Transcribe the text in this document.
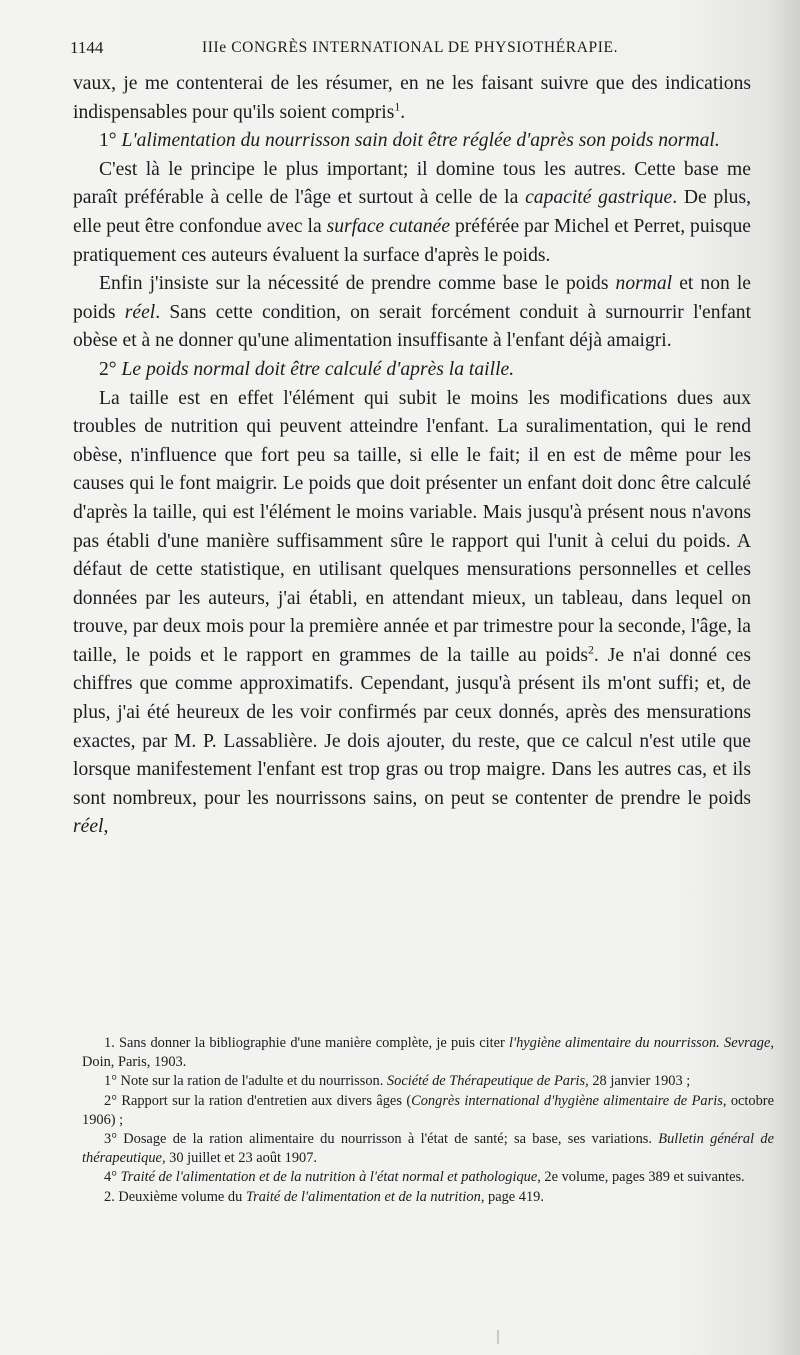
1144	IIIe CONGRÈS INTERNATIONAL DE PHYSIOTHÉRAPIE.

vaux, je me contenterai de les résumer, en ne les faisant suivre que des indications indispensables pour qu'ils soient compris$^1$.

1° L'alimentation du nourrisson sain doit être réglée d'après son poids normal.

C'est là le principe le plus important; il domine tous les autres. Cette base me paraît préférable à celle de l'âge et surtout à celle de la capacité gastrique. De plus, elle peut être confondue avec la surface cutanée préférée par Michel et Perret, puisque pratiquement ces auteurs évaluent la surface d'après le poids.

Enfin j'insiste sur la nécessité de prendre comme base le poids normal et non le poids réel. Sans cette condition, on serait forcément conduit à surnourrir l'enfant obèse et à ne donner qu'une alimentation insuffisante à l'enfant déjà amaigri.

2° Le poids normal doit être calculé d'après la taille.

La taille est en effet l'élément qui subit le moins les modifications dues aux troubles de nutrition qui peuvent atteindre l'enfant. La suralimentation, qui le rend obèse, n'influence que fort peu sa taille, si elle le fait; il en est de même pour les causes qui le font maigrir. Le poids que doit présenter un enfant doit donc être calculé d'après la taille, qui est l'élément le moins variable. Mais jusqu'à présent nous n'avons pas établi d'une manière suffisamment sûre le rapport qui l'unit à celui du poids. A défaut de cette statistique, en utilisant quelques mensurations personnelles et celles données par les auteurs, j'ai établi, en attendant mieux, un tableau, dans lequel on trouve, par deux mois pour la première année et par trimestre pour la seconde, l'âge, la taille, le poids et le rapport en grammes de la taille au poids$^2$. Je n'ai donné ces chiffres que comme approximatifs. Cependant, jusqu'à présent ils m'ont suffi; et, de plus, j'ai été heureux de les voir confirmés par ceux donnés, après des mensurations exactes, par M. P. Lassablière. Je dois ajouter, du reste, que ce calcul n'est utile que lorsque manifestement l'enfant est trop gras ou trop maigre. Dans les autres cas, et ils sont nombreux, pour les nourrissons sains, on peut se contenter de prendre le poids réel,

1. Sans donner la bibliographie d'une manière complète, je puis citer l'hygiène alimentaire du nourrisson. Sevrage, Doin, Paris, 1903.

1° Note sur la ration de l'adulte et du nourrisson. Société de Thérapeutique de Paris, 28 janvier 1903 ;

2° Rapport sur la ration d'entretien aux divers âges (Congrès international d'hygiène alimentaire de Paris, octobre 1906) ;

3° Dosage de la ration alimentaire du nourrisson à l'état de santé; sa base, ses variations. Bulletin général de thérapeutique, 30 juillet et 23 août 1907.

4° Traité de l'alimentation et de la nutrition à l'état normal et pathologique, 2e volume, pages 389 et suivantes.

2. Deuxième volume du Traité de l'alimentation et de la nutrition, page 419.
